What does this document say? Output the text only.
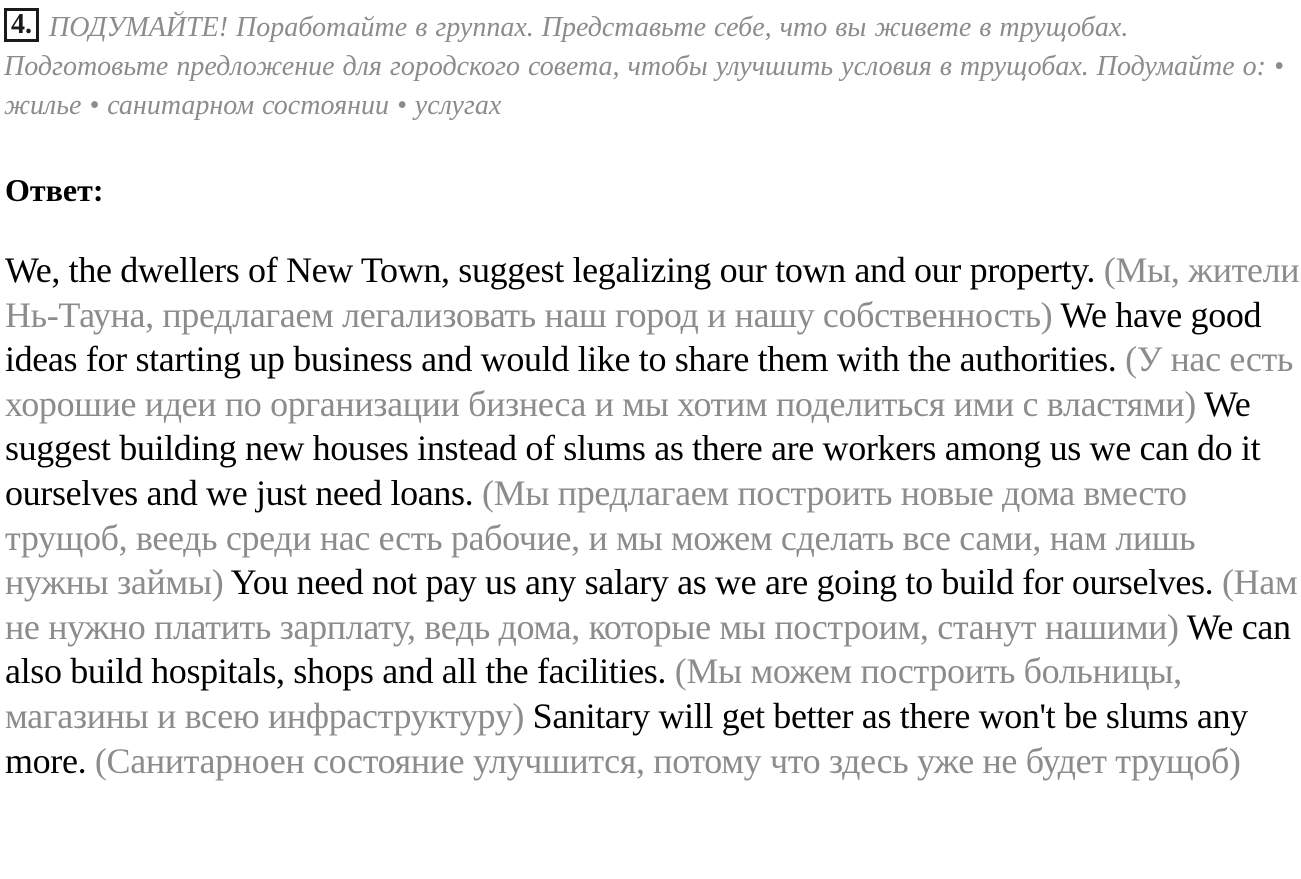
4. ПОДУМАЙТЕ! Поработайте в группах. Представьте себе, что вы живете в трущобах. Подготовьте предложение для городского совета, чтобы улучшить условия в трущобах. Подумайте о: • жилье • санитарном состоянии • услугах
Ответ:
We, the dwellers of New Town, suggest legalizing our town and our property. (Мы, жители Нь-Тауна, предлагаем легализовать наш город и нашу собственность) We have good ideas for starting up business and would like to share them with the authorities. (У нас есть хорошие идеи по организации бизнеса и мы хотим поделиться ими с властями) We suggest building new houses instead of slums as there are workers among us we can do it ourselves and we just need loans. (Мы предлагаем построить новые дома вместо трущоб, веедь среди нас есть рабочие, и мы можем сделать все сами, нам лишь нужны займы) You need not pay us any salary as we are going to build for ourselves. (Нам не нужно платить зарплату, ведь дома, которые мы построим, станут нашими) We can also build hospitals, shops and all the facilities. (Мы можем построить больницы, магазины и всею инфраструктуру) Sanitary will get better as there won't be slums any more. (Санитарноен состояние улучшится, потому что здесь уже не будет трущоб)
